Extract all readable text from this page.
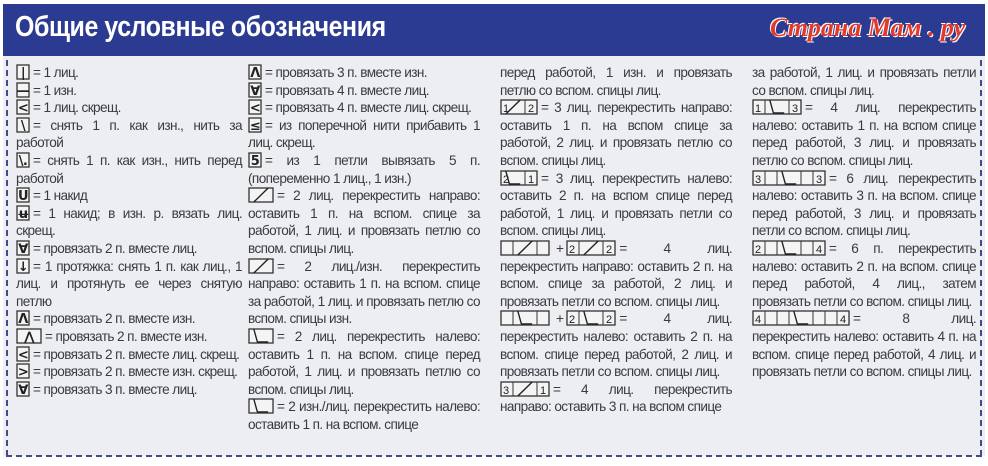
Общие условные обозначения

| = 1 лиц.

— = 1 изн.

< = 1 лиц. скрещ.

\ = снять 1 п. как изн., нить за работой

\. = снять 1 п. как изн., нить перед работой

U = 1 накид

ʉ = 1 накид; в изн. р. вязать лиц. скрещ.

∀ = провязать 2 п. вместе лиц.

↓ = 1 протяжка: снять 1 п. как лиц., 1 лиц. и протянуть ее через снятую петлю

Λ = провязать 2 п. вместе изн.

⋀ = провязать 2 п. вместе изн.

< = провязать 2 п. вместе лиц. скрещ.

> = провязать 2 п. вместе изн. скрещ.

∀ = провязать 3 п. вместе лиц.

Λ = провязать 3 п. вместе изн.

∀ = провязать 4 п. вместе лиц.

< = провязать 4 п. вместе лиц. скрещ.

≤ = из поперечной нити прибавить 1 лиц. скрещ.

5 = из 1 петли вывязать 5 п. (попеременно 1 лиц., 1 изн.)

= 2 лиц. перекрестить направо: оставить 1 п. на вспом. спице за работой, 1 лиц. и провязать петлю со вспом. спицы лиц.

= 2 лиц./изн. перекрестить направо: оставить 1 п. на вспом. спице за работой, 1 лиц. и провязать петлю со вспом. спицы изн.

= 2 лиц. перекрестить налево: оставить 1 п. на вспом. спице перед работой, 1 лиц. и провязать петлю со вспом. спицы лиц.

= 2 изн./лиц. перекрестить налево: оставить 1 п. на вспом. спице

перед работой, 1 изн. и провязать петлю со вспом. спицы лиц.

1 2 = 3 лиц. перекрестить направо: оставить 1 п. на вспом спице за работой, 2 лиц. и провязать петлю со вспом. спицы лиц.

2 1 = 3 лиц. перекрестить налево: оставить 2 п. на вспом спице перед работой, 1 лиц. и провязать петли со вспом. спицы лиц.

+ 2	2 = 4 лиц. перекрестить направо: оставить 2 п. на вспом. спице за работой, 2 лиц. и провязать петли со вспом. спицы лиц.

+ 2	2 = 4 лиц. перекрестить налево: оставить 2 п. на вспом. спице перед работой, 2 лиц. и провязать петли со вспом. спицы лиц.

3	1 = 4 лиц. перекрестить направо: оставить 3 п. на вспом спице

за работой, 1 лиц. и провязать петли со вспом. спицы лиц.

1	3 = 4 лиц. перекрестить налево: оставить 1 п. на вспом спице перед работой, 3 лиц. и провязать петлю со вспом. спицы лиц.

3	3 = 6 лиц. перекрестить налево: оставить 3 п. на вспом. спице перед работой, 3 лиц. и провязать петли со вспом. спицы лиц.

2	4 = 6 п. перекрестить налево: оставить 2 п. на вспом. спице перед работой, 4 лиц., затем провязать петли со вспом. спицы лиц.

4	4 = 8 лиц. перекрестить налево: оставить 4 п. на вспом. спице перед работой, 4 лиц. и провязать петли со вспом. спицы лиц.

Страна Мам . ру
